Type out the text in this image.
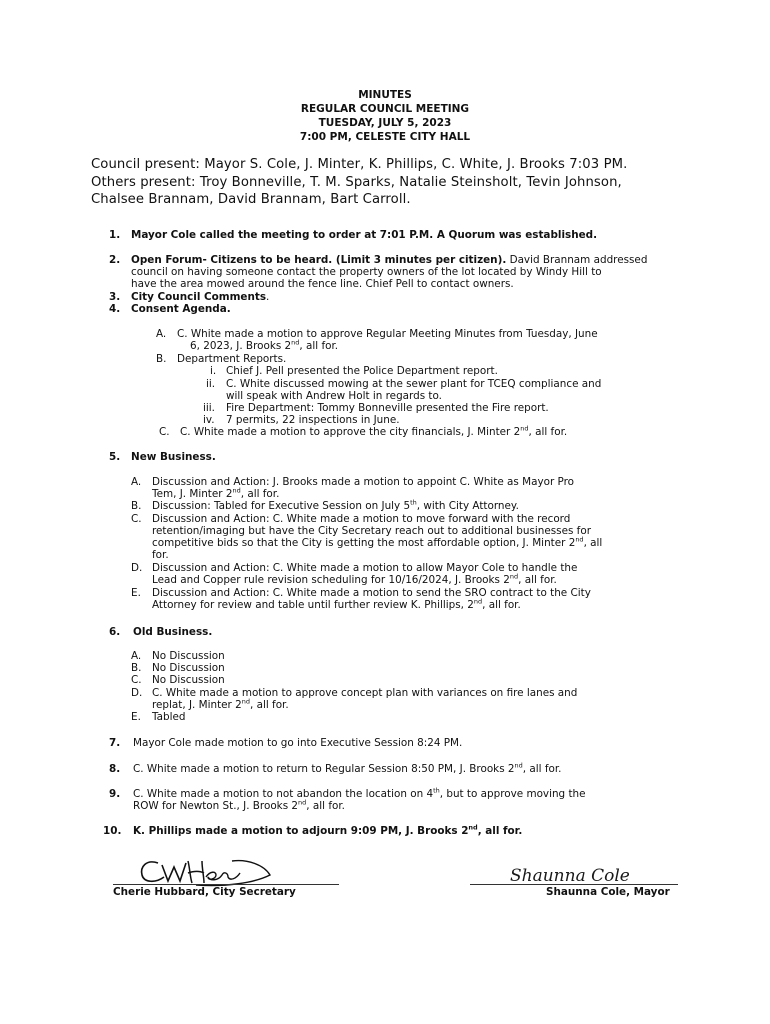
MINUTES
REGULAR COUNCIL MEETING
TUESDAY, JULY 5, 2023
7:00 PM, CELESTE CITY HALL
Council present: Mayor S. Cole, J. Minter, K. Phillips, C. White, J. Brooks 7:03 PM.
Others present: Troy Bonneville, T. M. Sparks, Natalie Steinsholt, Tevin Johnson,
Chalsee Brannam, David Brannam, Bart Carroll.
1. Mayor Cole called the meeting to order at 7:01 P.M. A Quorum was established.
2. Open Forum- Citizens to be heard. (Limit 3 minutes per citizen). David Brannam addressed
council on having someone contact the property owners of the lot located by Windy Hill to
have the area mowed around the fence line. Chief Pell to contact owners.
3. City Council Comments.
4. Consent Agenda.
A. C. White made a motion to approve Regular Meeting Minutes from Tuesday, June
6, 2023, J. Brooks 2nd, all for.
B. Department Reports.
i. Chief J. Pell presented the Police Department report.
ii. C. White discussed mowing at the sewer plant for TCEQ compliance and
will speak with Andrew Holt in regards to.
iii. Fire Department: Tommy Bonneville presented the Fire report.
iv. 7 permits, 22 inspections in June.
C. C. White made a motion to approve the city financials, J. Minter 2nd, all for.
5. New Business.
A. Discussion and Action: J. Brooks made a motion to appoint C. White as Mayor Pro
Tem, J. Minter 2nd, all for.
B. Discussion: Tabled for Executive Session on July 5th, with City Attorney.
C. Discussion and Action: C. White made a motion to move forward with the record
retention/imaging but have the City Secretary reach out to additional businesses for
competitive bids so that the City is getting the most affordable option, J. Minter 2nd, all
for.
D. Discussion and Action: C. White made a motion to allow Mayor Cole to handle the
Lead and Copper rule revision scheduling for 10/16/2024, J. Brooks 2nd, all for.
E. Discussion and Action: C. White made a motion to send the SRO contract to the City
Attorney for review and table until further review K. Phillips, 2nd, all for.
6. Old Business.
A. No Discussion
B. No Discussion
C. No Discussion
D. C. White made a motion to approve concept plan with variances on fire lanes and
replat, J. Minter 2nd, all for.
E. Tabled
7. Mayor Cole made motion to go into Executive Session 8:24 PM.
8. C. White made a motion to return to Regular Session 8:50 PM, J. Brooks 2nd, all for.
9. C. White made a motion to not abandon the location on 4th, but to approve moving the
ROW for Newton St., J. Brooks 2nd, all for.
10. K. Phillips made a motion to adjourn 9:09 PM, J. Brooks 2nd, all for.
Cherie Hubbard, City Secretary
Shaunna Cole
Shaunna Cole, Mayor
